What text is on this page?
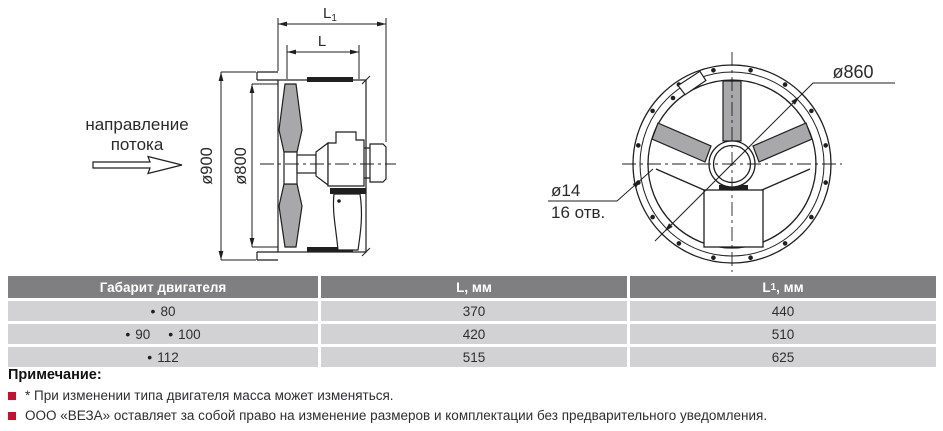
направление
потока
$L_1$
L
ø900 ø800
ø860
ø14
16 отв.
Габарит двигателя	L , мм	L 1 , мм
• 80	370	440
• 90 • 100	420	510
• 112	515	625
Примечание:
* При изменении типа двигателя масса может изменяться.
ООО «ВЕЗА» оставляет за собой право на изменение размеров и комплектации без предварительного уведомления.
